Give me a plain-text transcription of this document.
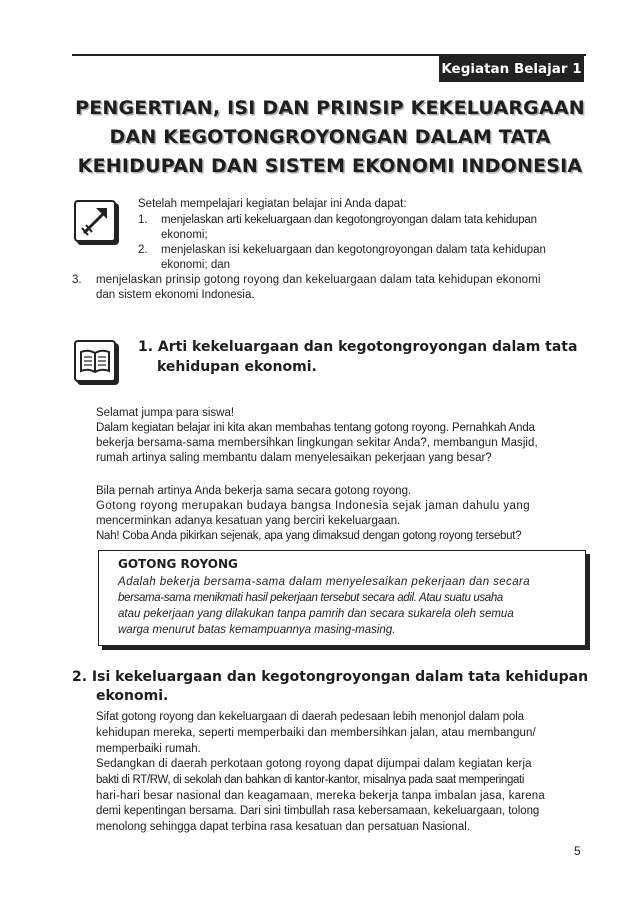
Kegiatan Belajar 1
PENGERTIAN, ISI DAN PRINSIP KEKELUARGAAN
DAN KEGOTONGROYONGAN DALAM TATA
KEHIDUPAN DAN SISTEM EKONOMI INDONESIA
Setelah mempelajari kegiatan belajar ini Anda dapat:
1. menjelaskan arti kekeluargaan dan kegotongroyongan dalam tata kehidupan
ekonomi;
2. menjelaskan isi kekeluargaan dan kegotongroyongan dalam tata kehidupan
ekonomi; dan
3. menjelaskan prinsip gotong royong dan kekeluargaan dalam tata kehidupan ekonomi
dan sistem ekonomi Indonesia.
1. Arti kekeluargaan dan kegotongroyongan dalam tata
kehidupan ekonomi.
Selamat jumpa para siswa!
Dalam kegiatan belajar ini kita akan membahas tentang gotong royong. Pernahkah Anda
bekerja bersama-sama membersihkan lingkungan sekitar Anda?, membangun Masjid,
rumah artinya saling membantu dalam menyelesaikan pekerjaan yang besar?
Bila pernah artinya Anda bekerja sama secara gotong royong.
Gotong royong merupakan budaya bangsa Indonesia sejak jaman dahulu yang
mencerminkan adanya kesatuan yang berciri kekeluargaan.
Nah! Coba Anda pikirkan sejenak, apa yang dimaksud dengan gotong royong tersebut?
GOTONG ROYONG
Adalah bekerja bersama-sama dalam menyelesaikan pekerjaan dan secara
bersama-sama menikmati hasil pekerjaan tersebut secara adil. Atau suatu usaha
atau pekerjaan yang dilakukan tanpa pamrih dan secara sukarela oleh semua
warga menurut batas kemampuannya masing-masing.
2. Isi kekeluargaan dan kegotongroyongan dalam tata kehidupan
ekonomi.
Sifat gotong royong dan kekeluargaan di daerah pedesaan lebih menonjol dalam pola
kehidupan mereka, seperti memperbaiki dan membersihkan jalan, atau membangun/
memperbaiki rumah.
Sedangkan di daerah perkotaan gotong royong dapat dijumpai dalam kegiatan kerja
bakti di RT/RW, di sekolah dan bahkan di kantor-kantor, misalnya pada saat memperingati
hari-hari besar nasional dan keagamaan, mereka bekerja tanpa imbalan jasa, karena
demi kepentingan bersama. Dari sini timbullah rasa kebersamaan, kekeluargaan, tolong
menolong sehingga dapat terbina rasa kesatuan dan persatuan Nasional.
5
